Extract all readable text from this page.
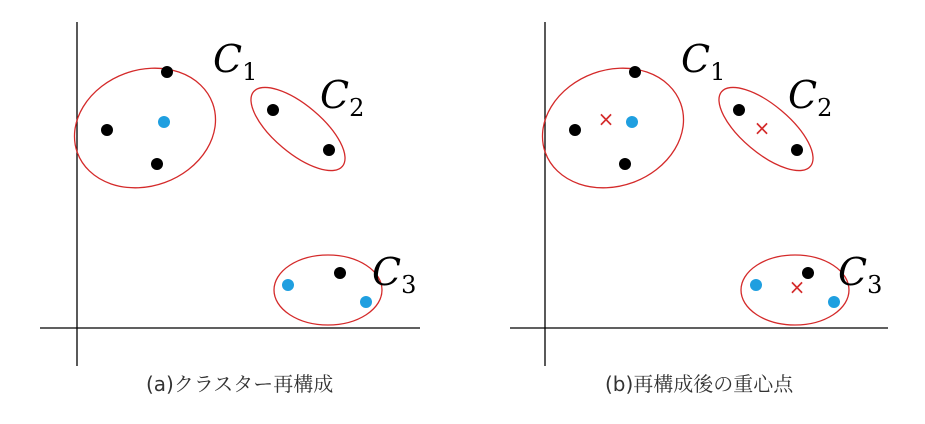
$C_1$
$C_2$
$C_3$
×	×
×
$C_1$
$C_2$
$C_3$
(a)クラスター再構成	(b)再構成後の重心点
